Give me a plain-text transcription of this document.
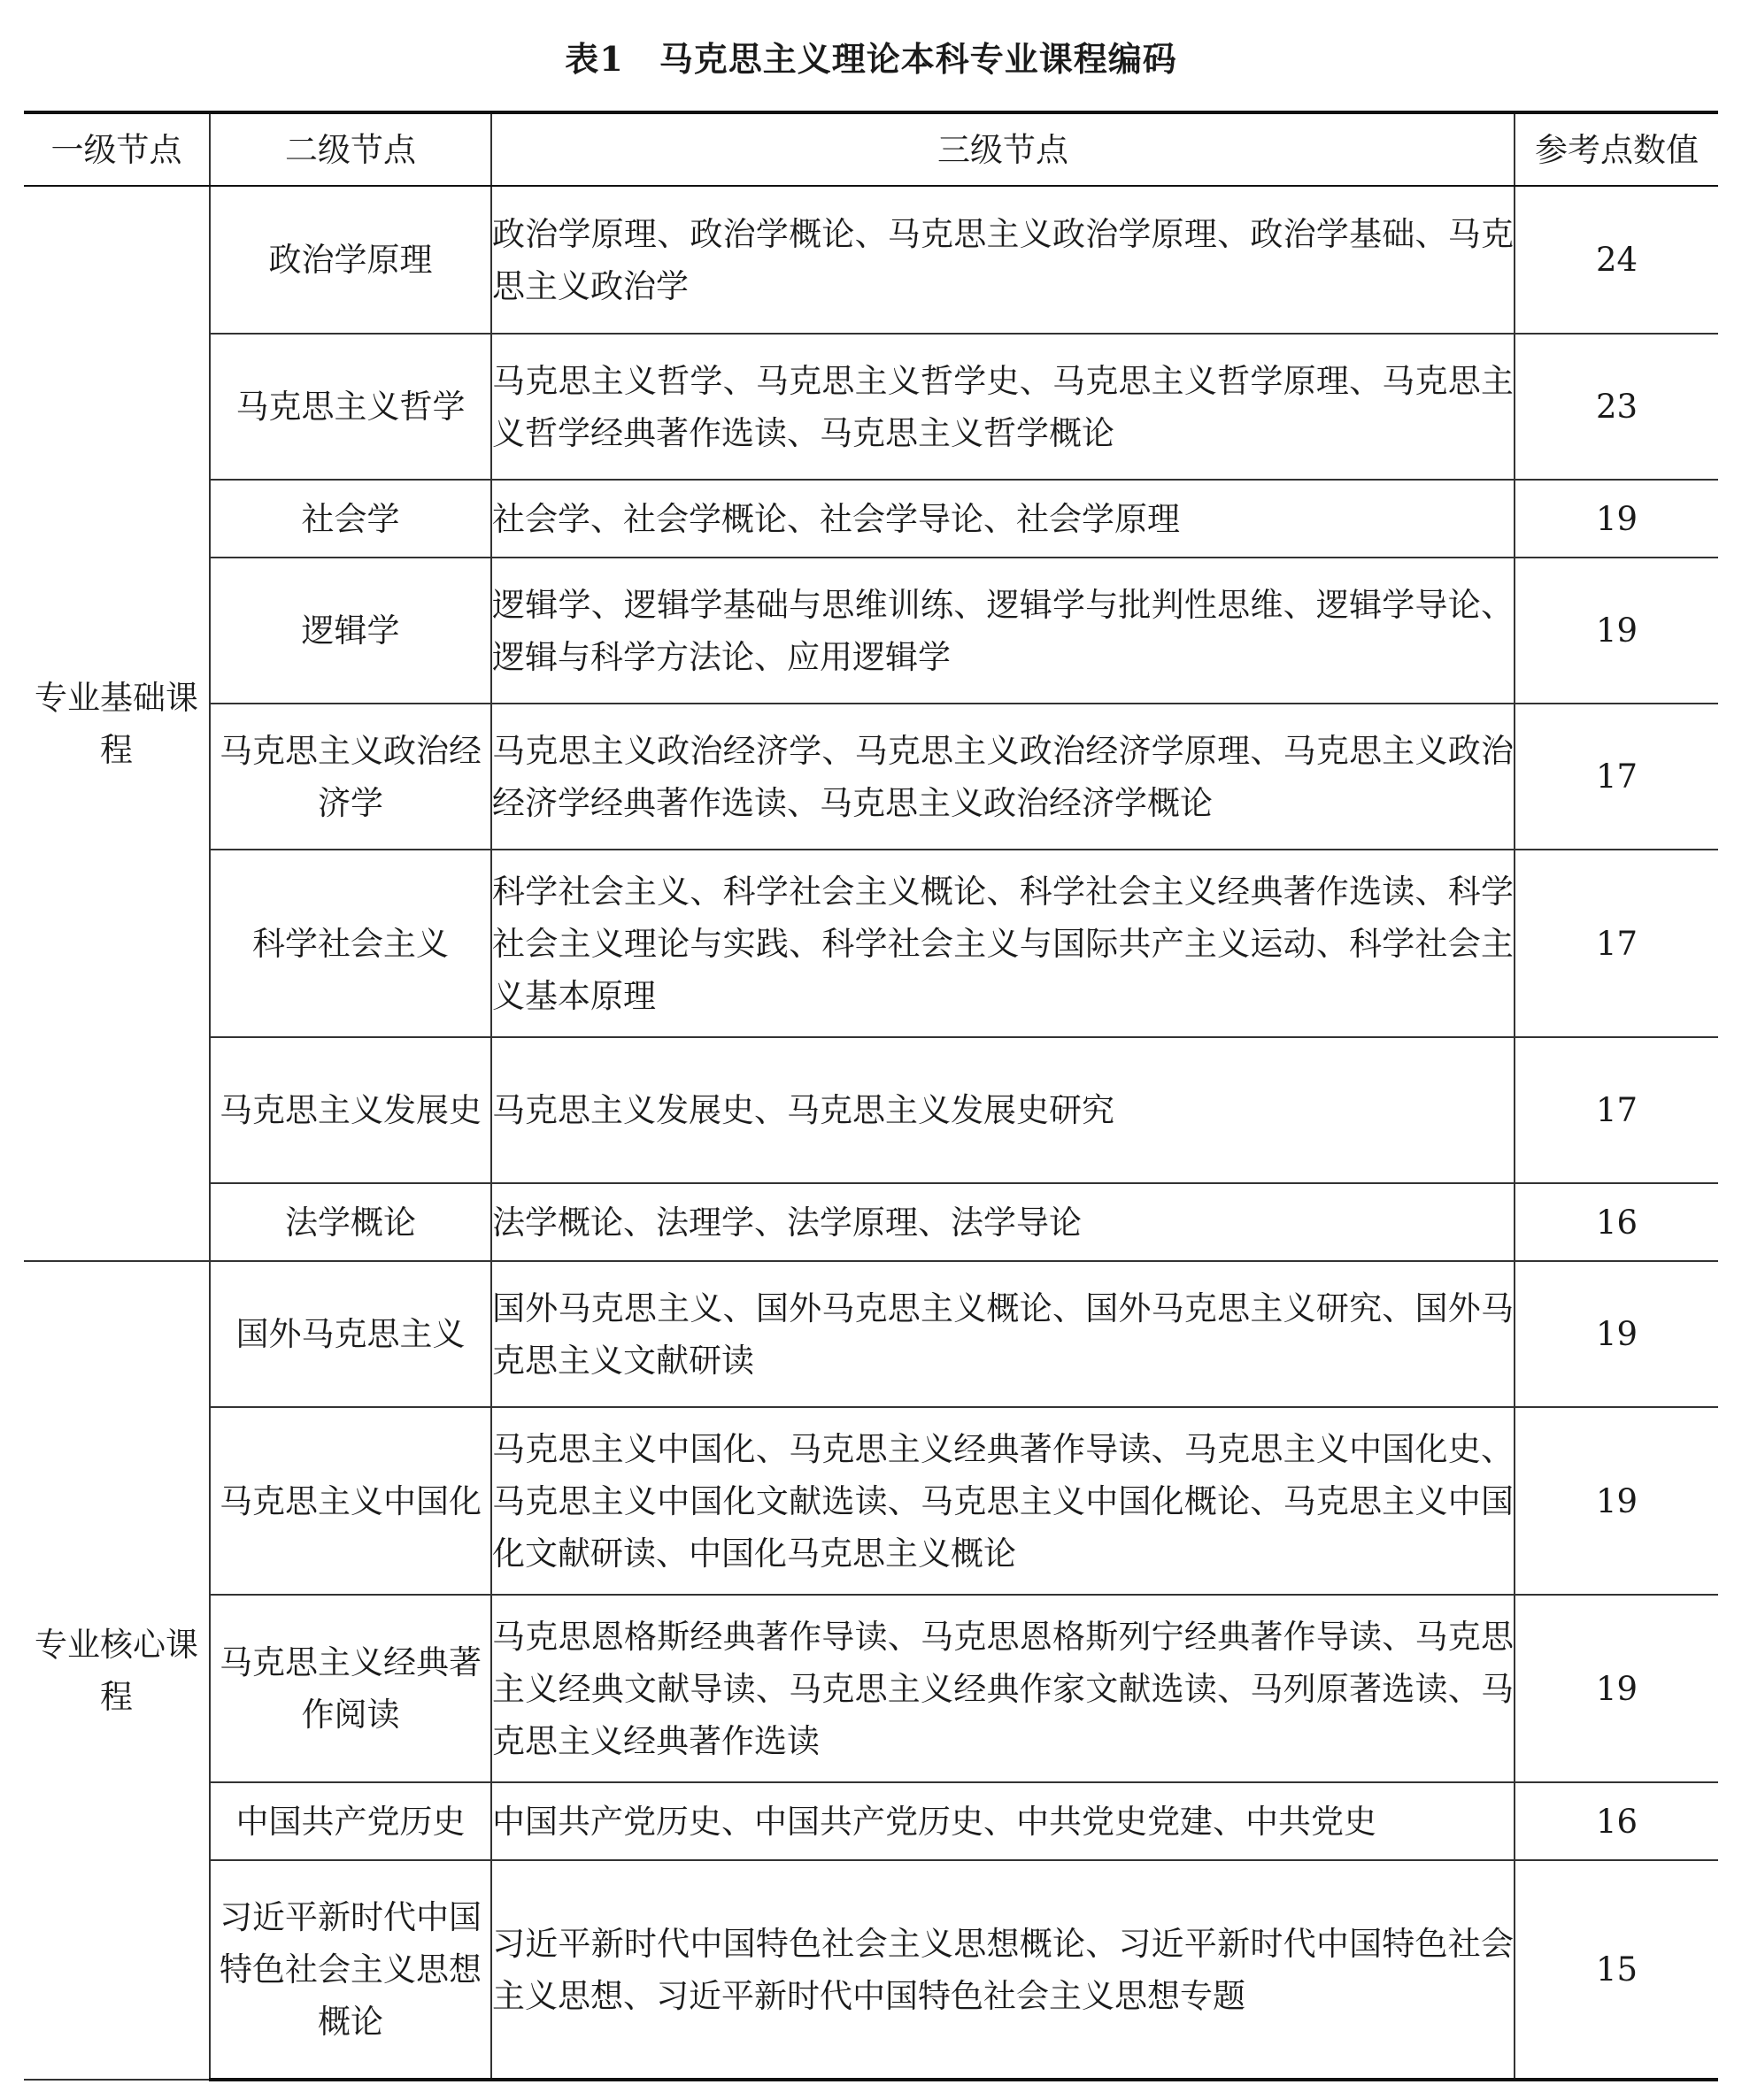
表1 马克思主义理论本科专业课程编码
一级节点	二级节点	三级节点	参考点数值
专业基础课程	政治学原理	政治学原理、政治学概论、马克思主义政治学原理、政治学基础、马克思主义政治学	24
	马克思主义哲学	马克思主义哲学、马克思主义哲学史、马克思主义哲学原理、马克思主义哲学经典著作选读、马克思主义哲学概论	23
	社会学	社会学、社会学概论、社会学导论、社会学原理	19
	逻辑学	逻辑学、逻辑学基础与思维训练、逻辑学与批判性思维、逻辑学导论、逻辑与科学方法论、应用逻辑学	19
	马克思主义政治经济学	马克思主义政治经济学、马克思主义政治经济学原理、马克思主义政治经济学经典著作选读、马克思主义政治经济学概论	17
	科学社会主义	科学社会主义、科学社会主义概论、科学社会主义经典著作选读、科学社会主义理论与实践、科学社会主义与国际共产主义运动、科学社会主义基本原理	17
	马克思主义发展史	马克思主义发展史、马克思主义发展史研究	17
	法学概论	法学概论、法理学、法学原理、法学导论	16
专业核心课程	国外马克思主义	国外马克思主义、国外马克思主义概论、国外马克思主义研究、国外马克思主义文献研读	19
	马克思主义中国化	马克思主义中国化、马克思主义经典著作导读、马克思主义中国化史、马克思主义中国化文献选读、马克思主义中国化概论、马克思主义中国化文献研读、中国化马克思主义概论	19
	马克思主义经典著作阅读	马克思恩格斯经典著作导读、马克思恩格斯列宁经典著作导读、马克思主义经典文献导读、马克思主义经典作家文献选读、马列原著选读、马克思主义经典著作选读	19
	中国共产党历史	中国共产党历史、中国共产党历史、中共党史党建、中共党史	16
	习近平新时代中国特色社会主义思想概论	习近平新时代中国特色社会主义思想概论、习近平新时代中国特色社会主义思想、习近平新时代中国特色社会主义思想专题	15
